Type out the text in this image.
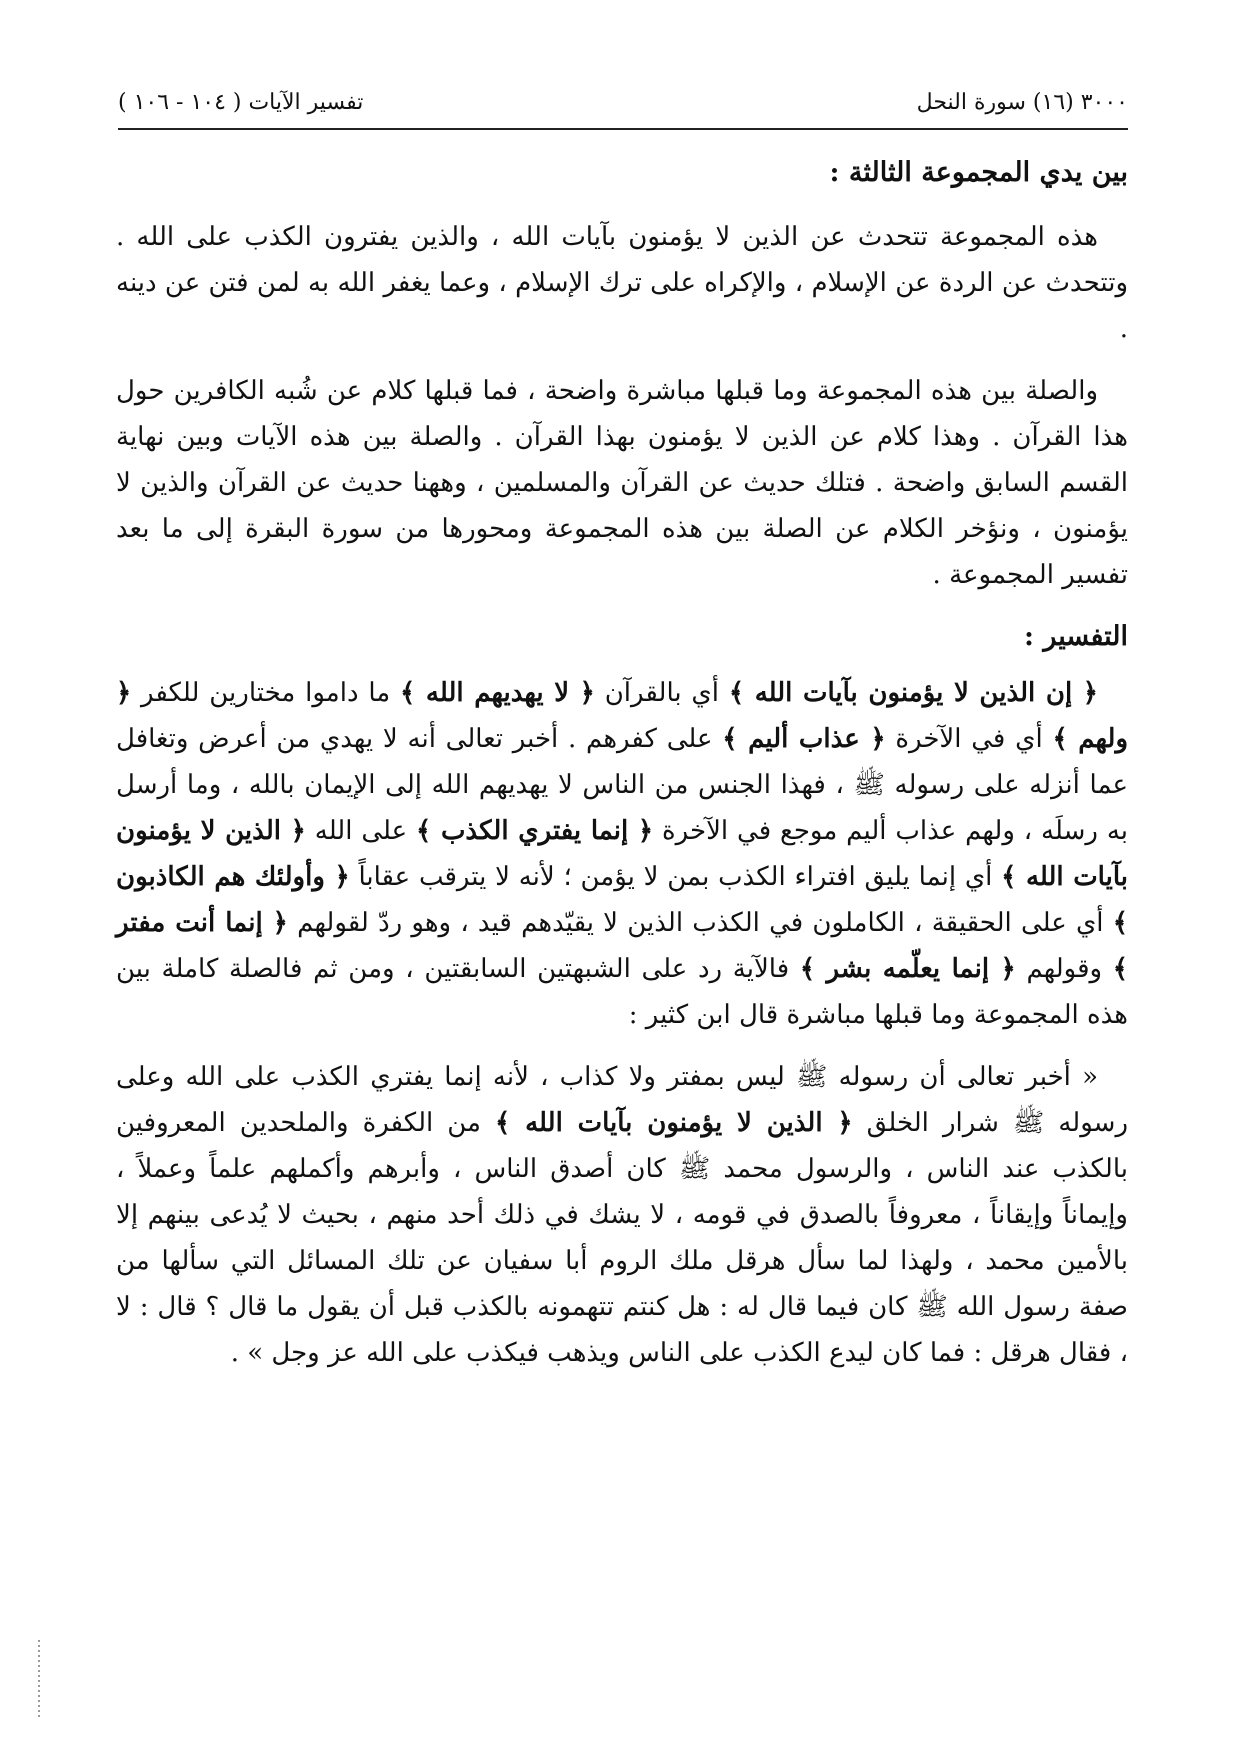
٣٠٠٠ (١٦) سورة النحل
تفسير الآيات ( ١٠٤ - ١٠٦ )
بين يدي المجموعة الثالثة :

هذه المجموعة تتحدث عن الذين لا يؤمنون بآيات الله ، والذين يفترون الكذب على الله . وتتحدث عن الردة عن الإسلام ، والإكراه على ترك الإسلام ، وعما يغفر الله به لمن فتن عن دينه .

والصلة بين هذه المجموعة وما قبلها مباشرة واضحة ، فما قبلها كلام عن شُبه الكافرين حول هذا القرآن . وهذا كلام عن الذين لا يؤمنون بهذا القرآن . والصلة بين هذه الآيات وبين نهاية القسم السابق واضحة . فتلك حديث عن القرآن والمسلمين ، وههنا حديث عن القرآن والذين لا يؤمنون ، ونؤخر الكلام عن الصلة بين هذه المجموعة ومحورها من سورة البقرة إلى ما بعد تفسير المجموعة .

التفسير :

﴿ إن الذين لا يؤمنون بآيات الله ﴾ أي بالقرآن ﴿ لا يهديهم الله ﴾ ما داموا مختارين للكفر ﴿ ولهم ﴾ أي في الآخرة ﴿ عذاب أليم ﴾ على كفرهم . أخبر تعالى أنه لا يهدي من أعرض وتغافل عما أنزله على رسوله ﷺ ، فهذا الجنس من الناس لا يهديهم الله إلى الإيمان بالله ، وما أرسل به رسلَه ، ولهم عذاب أليم موجع في الآخرة ﴿ إنما يفتري الكذب ﴾ على الله ﴿ الذين لا يؤمنون بآيات الله ﴾ أي إنما يليق افتراء الكذب بمن لا يؤمن ؛ لأنه لا يترقب عقاباً ﴿ وأولئك هم الكاذبون ﴾ أي على الحقيقة ، الكاملون في الكذب الذين لا يقيّدهم قيد ، وهو ردّ لقولهم ﴿ إنما أنت مفتر ﴾ وقولهم ﴿ إنما يعلّمه بشر ﴾ فالآية رد على الشبهتين السابقتين ، ومن ثم فالصلة كاملة بين هذه المجموعة وما قبلها مباشرة قال ابن كثير :

« أخبر تعالى أن رسوله ﷺ ليس بمفتر ولا كذاب ، لأنه إنما يفتري الكذب على الله وعلى رسوله ﷺ شرار الخلق ﴿ الذين لا يؤمنون بآيات الله ﴾ من الكفرة والملحدين المعروفين بالكذب عند الناس ، والرسول محمد ﷺ كان أصدق الناس ، وأبرهم وأكملهم علماً وعملاً ، وإيماناً وإيقاناً ، معروفاً بالصدق في قومه ، لا يشك في ذلك أحد منهم ، بحيث لا يُدعى بينهم إلا بالأمين محمد ، ولهذا لما سأل هرقل ملك الروم أبا سفيان عن تلك المسائل التي سألها من صفة رسول الله ﷺ كان فيما قال له : هل كنتم تتهمونه بالكذب قبل أن يقول ما قال ؟ قال : لا ، فقال هرقل : فما كان ليدع الكذب على الناس ويذهب فيكذب على الله عز وجل » .
